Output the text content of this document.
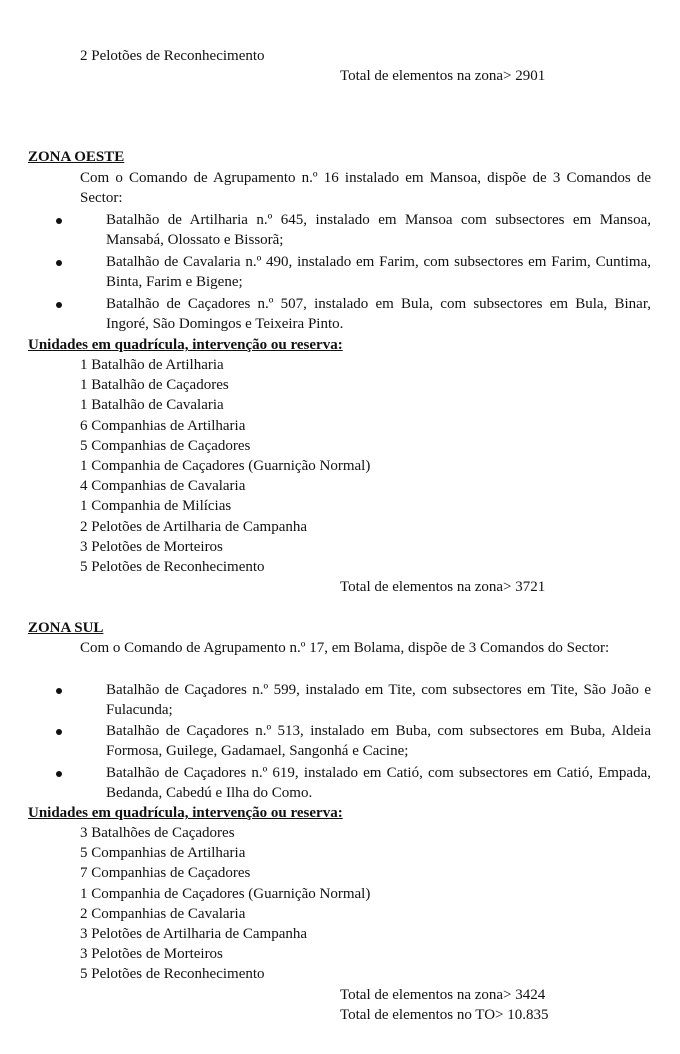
2 Pelotões de Reconhecimento
Total de elementos na zona> 2901
ZONA OESTE
Com o Comando de Agrupamento n.º 16 instalado em Mansoa, dispõe de 3 Comandos de Sector:
Batalhão de Artilharia n.º 645, instalado em Mansoa com subsectores em Mansoa, Mansabá, Olossato e Bissorã;
Batalhão de Cavalaria n.º 490, instalado em Farim, com subsectores em Farim, Cuntima, Binta, Farim e Bigene;
Batalhão de Caçadores n.º 507, instalado em Bula, com subsectores em Bula, Binar, Ingoré, São Domingos e Teixeira Pinto.
Unidades em quadrícula, intervenção ou reserva:
1 Batalhão de Artilharia
1 Batalhão de Caçadores
1 Batalhão de Cavalaria
6 Companhias de Artilharia
5 Companhias de Caçadores
1 Companhia de Caçadores (Guarnição Normal)
4 Companhias de Cavalaria
1 Companhia de Milícias
2 Pelotões de Artilharia de Campanha
3 Pelotões de Morteiros
5 Pelotões de Reconhecimento
Total de elementos na zona> 3721
ZONA SUL
Com o Comando de Agrupamento n.º 17, em Bolama, dispõe de 3 Comandos do Sector:
Batalhão de Caçadores n.º 599, instalado em Tite, com subsectores em Tite, São João e Fulacunda;
Batalhão de Caçadores n.º 513, instalado em Buba, com subsectores em Buba, Aldeia Formosa, Guilege, Gadamael, Sangonhá e Cacine;
Batalhão de Caçadores n.º 619, instalado em Catió, com subsectores em Catió, Empada, Bedanda, Cabedú e Ilha do Como.
Unidades em quadrícula, intervenção ou reserva:
3 Batalhões de Caçadores
5 Companhias de Artilharia
7 Companhias de Caçadores
1 Companhia de Caçadores (Guarnição Normal)
2 Companhias de Cavalaria
3 Pelotões de Artilharia de Campanha
3 Pelotões de Morteiros
5 Pelotões de Reconhecimento
Total de elementos na zona> 3424
Total de elementos no TO> 10.835
